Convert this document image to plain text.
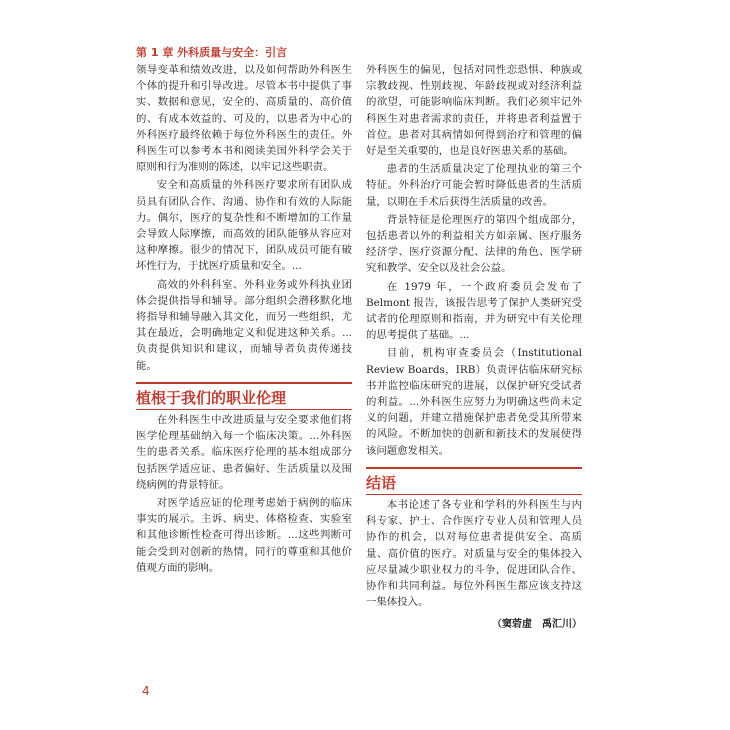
第 1 章 外科质量与安全：引言

领导变革和绩效改进，以及如何帮助外科医生个体的提升和引导改进。尽管本书中提供了事实、数据和意见，安全的、高质量的、高价值的、有成本效益的、可及的，以患者为中心的外科医疗最终依赖于每位外科医生的责任。外科医生可以参考本书和阅读美国外科学会关于原则和行为准则的陈述，以牢记这些职责。

安全和高质量的外科医疗要求所有团队成员具有团队合作、沟通、协作和有效的人际能力。偶尔，医疗的复杂性和不断增加的工作量会导致人际摩擦，而高效的团队能够从容应对这种摩擦。很少的情况下，团队成员可能有破坏性行为，于扰医疗质量和安全。...

高效的外科科室、外科业务或外科执业团体会提供指导和辅导。部分组织会潜移默化地将指导和辅导融入其文化，而另一些组织，尤其在最近，会明确地定义和促进这种关系。...负责提供知识和建议，而辅导者负责传递技能。

植根于我们的职业伦理

在外科医生中改进质量与安全要求他们将医学伦理基础纳入每一个临床决策。...外科医生的患者关系。临床医疗伦理的基本组成部分包括医学适应证、患者偏好、生活质量以及围绕病例的背景特征。

对医学适应证的伦理考虑始于病例的临床事实的展示。主诉、病史、体格检查、实验室和其他诊断性检查可得出诊断。...这些判断可能会受到对创新的热情，同行的尊重和其他价值观方面的影响。

外科医生的偏见，包括对同性恋恐惧、种族或宗教歧视、性别歧视、年龄歧视或对经济利益的欲望，可能影响临床判断。我们必须牢记外科医生对患者需求的责任，并将患者利益置于首位。患者对其病情如何得到治疗和管理的偏好是至关重要的，也是良好医患关系的基础。

患者的生活质量决定了伦理执业的第三个特征。外科治疗可能会暂时降低患者的生活质量，以期在手术后获得生活质量的改善。

背景特征是伦理医疗的第四个组成部分，包括患者以外的利益相关方如亲属、医疗服务经济学、医疗资源分配、法律的角色、医学研究和教学、安全以及社会公益。

在 1979 年，一个政府委员会发布了 Belmont 报告，该报告思考了保护人类研究受试者的伦理原则和指南，并为研究中有关伦理的思考提供了基础。...

目前，机构审查委员会（Institutional Review Boards，IRB）负责评估临床研究标书并监控临床研究的进展，以保护研究受试者的利益。...外科医生应努力为明确这些尚未定义的问题，并建立措施保护患者免受其所带来的风险。不断加快的创新和新技术的发展使得该问题愈发相关。

结语

本书论述了各专业和学科的外科医生与内科专家、护士、合作医疗专业人员和管理人员协作的机会，以对每位患者提供安全、高质量、高价值的医疗。对质量与安全的集体投入应尽量减少职业权力的斗争，促进团队合作、协作和共同利益。每位外科医生都应该支持这一集体投入。

（窦菪虚　禹汇川）
4
